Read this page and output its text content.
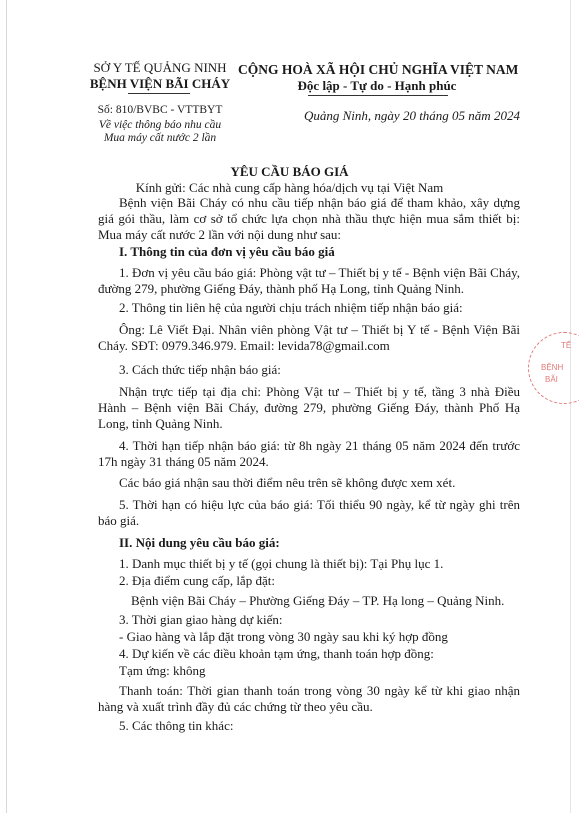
SỞ Y TẾ QUẢNG NINH
BỆNH VIỆN BÃI CHÁY
Số: 810/BVBC - VTTBYT
Về việc thông báo nhu cầu
Mua máy cất nước 2 lần
CỘNG HOÀ XÃ HỘI CHỦ NGHĨA VIỆT NAM
Độc lập - Tự do - Hạnh phúc
Quảng Ninh, ngày 20 tháng 05 năm 2024
YÊU CẦU BÁO GIÁ
Kính gửi: Các nhà cung cấp hàng hóa/dịch vụ tại Việt Nam
Bệnh viện Bãi Cháy có nhu cầu tiếp nhận báo giá để tham khảo, xây dựng giá gói thầu, làm cơ sở tổ chức lựa chọn nhà thầu thực hiện mua sắm thiết bị: Mua máy cất nước 2 lần với nội dung như sau:
I. Thông tin của đơn vị yêu cầu báo giá
1. Đơn vị yêu cầu báo giá: Phòng vật tư – Thiết bị y tế - Bệnh viện Bãi Cháy, đường 279, phường Giếng Đáy, thành phố Hạ Long, tỉnh Quảng Ninh.
2. Thông tin liên hệ của người chịu trách nhiệm tiếp nhận báo giá:
Ông: Lê Viết Đại. Nhân viên phòng Vật tư – Thiết bị Y tế - Bệnh Viện Bãi Cháy. SĐT: 0979.346.979. Email: levida78@gmail.com
3. Cách thức tiếp nhận báo giá:
Nhận trực tiếp tại địa chỉ: Phòng Vật tư – Thiết bị y tế, tầng 3 nhà Điều Hành – Bệnh viện Bãi Cháy, đường 279, phường Giếng Đáy, thành Phố Hạ Long, tỉnh Quảng Ninh.
4. Thời hạn tiếp nhận báo giá: từ 8h ngày 21 tháng 05 năm 2024 đến trước 17h ngày 31 tháng 05 năm 2024.
Các báo giá nhận sau thời điểm nêu trên sẽ không được xem xét.
5. Thời hạn có hiệu lực của báo giá: Tối thiểu 90 ngày, kể từ ngày ghi trên báo giá.
II. Nội dung yêu cầu báo giá:
1. Danh mục thiết bị y tế (gọi chung là thiết bị): Tại Phụ lục 1.
2. Địa điểm cung cấp, lắp đặt:
Bệnh viện Bãi Cháy – Phường Giếng Đáy – TP. Hạ long – Quảng Ninh.
3. Thời gian giao hàng dự kiến:
- Giao hàng và lắp đặt trong vòng 30 ngày sau khi ký hợp đồng
4. Dự kiến về các điều khoản tạm ứng, thanh toán hợp đồng:
Tạm ứng: không
Thanh toán: Thời gian thanh toán trong vòng 30 ngày kể từ khi giao nhận hàng và xuất trình đầy đủ các chứng từ theo yêu cầu.
5. Các thông tin khác:
TẾ
BỆNH
BÃI
